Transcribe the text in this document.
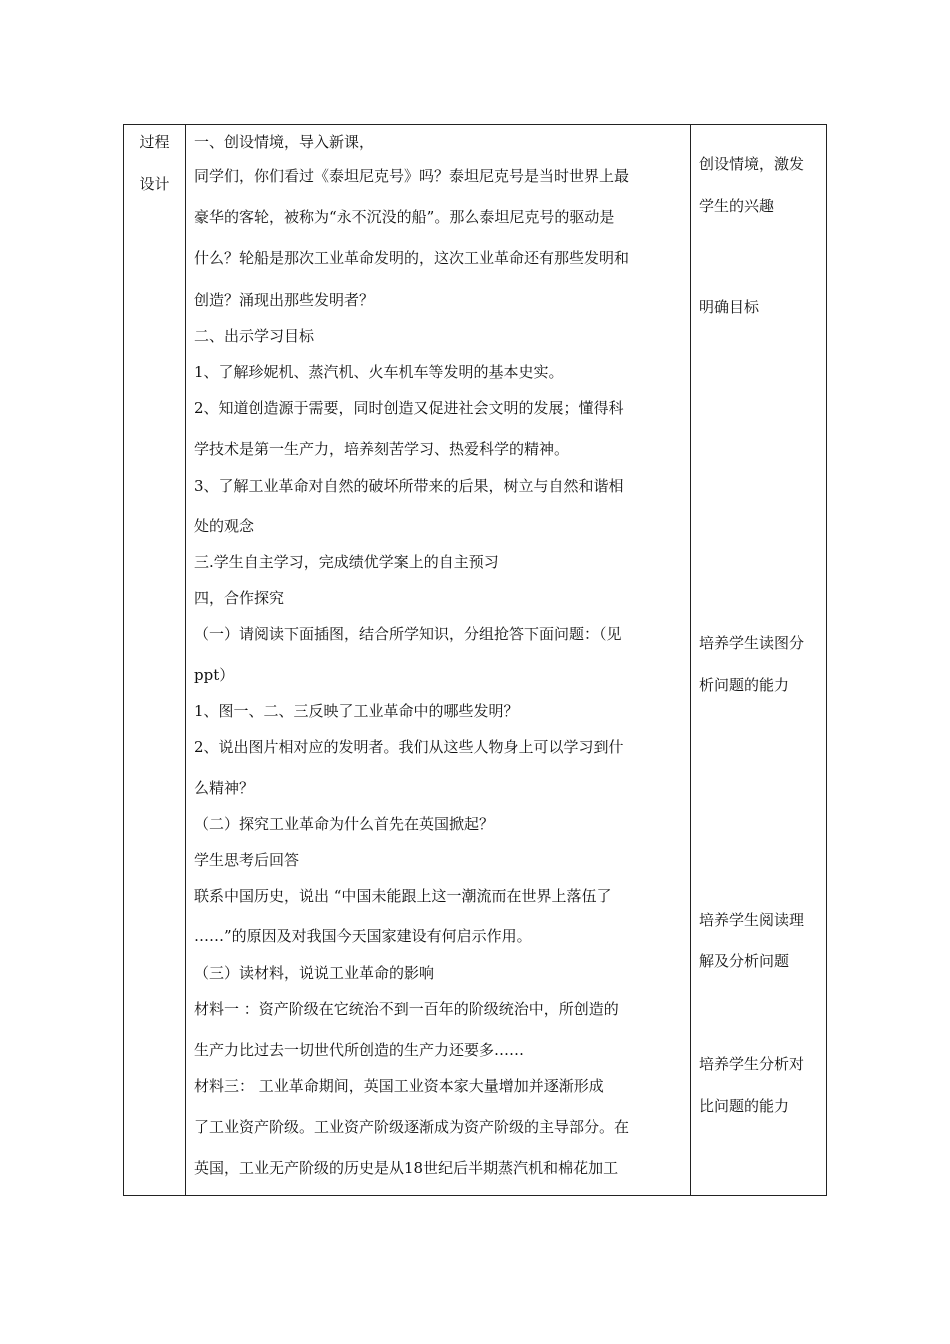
过程
设计
一、创设情境，导入新课，
同学们，你们看过《泰坦尼克号》吗？泰坦尼克号是当时世界上最
豪华的客轮，被称为“永不沉没的船”。那么泰坦尼克号的驱动是
什么？轮船是那次工业革命发明的，这次工业革命还有那些发明和
创造？涌现出那些发明者？
二、出示学习目标
1、了解珍妮机、蒸汽机、火车机车等发明的基本史实。
2、知道创造源于需要，同时创造又促进社会文明的发展；懂得科
学技术是第一生产力，培养刻苦学习、热爱科学的精神。
3、了解工业革命对自然的破坏所带来的后果，树立与自然和谐相
处的观念
三.学生自主学习，完成绩优学案上的自主预习
四，合作探究
（一）请阅读下面插图，结合所学知识，分组抢答下面问题：（见
ppt）
1、图一、二、三反映了工业革命中的哪些发明？
2、说出图片相对应的发明者。我们从这些人物身上可以学习到什
么精神？
（二）探究工业革命为什么首先在英国掀起？
学生思考后回答
联系中国历史，说出 “中国未能跟上这一潮流而在世界上落伍了
……”的原因及对我国今天国家建设有何启示作用。
（三）读材料，说说工业革命的影响
材料一 ：资产阶级在它统治不到一百年的阶级统治中，所创造的
生产力比过去一切世代所创造的生产力还要多……
材料三： 工业革命期间，英国工业资本家大量增加并逐渐形成
了工业资产阶级。工业资产阶级逐渐成为资产阶级的主导部分。在
英国，工业无产阶级的历史是从18世纪后半期蒸汽机和棉花加工
创设情境，激发
学生的兴趣
明确目标
培养学生读图分
析问题的能力
培养学生阅读理
解及分析问题
培养学生分析对
比问题的能力
